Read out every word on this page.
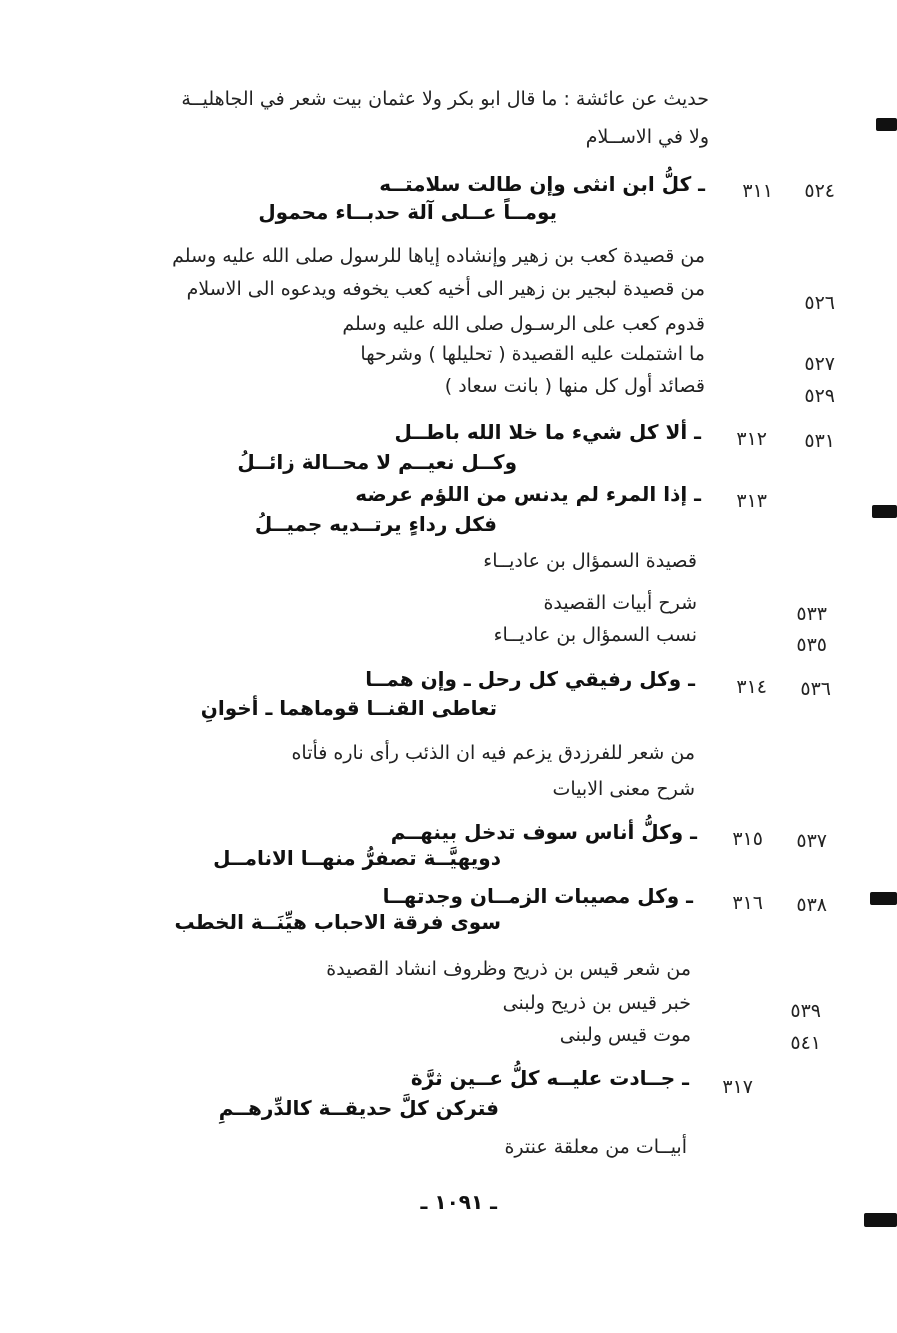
حديث عن عائشة : ما قال ابو بكر ولا عثمان بيت شعر في الجاهليــة
ولا في الاســلام
٥٢٤
٣١١
ـ كلُّ ابن انثى وإن طالت سلامتــه
يومــاً عــلى آلة حدبــاء محمول
من قصيدة كعب بن زهير وإنشاده إياها للرسول صلى الله عليه وسلم
٥٢٦
من قصيدة لبجير بن زهير الى أخيه كعب يخوفه ويدعوه الى الاسلام
قدوم كعب على الرسـول صلى الله عليه وسلم
٥٢٧
ما اشتملت عليه القصيدة ( تحليلها ) وشرحها
٥٢٩
قصائد أول كل منها ( بانت سعاد )
٥٣١
٣١٢
ـ ألا كل شيء ما خلا الله باطــل
وكــل نعيــم لا محــالة زائــلُ
٣١٣
ـ إذا المرء لم يدنس من اللؤم عرضه
فكل رداءٍ يرتــديه جميــلُ
قصيدة السمؤال بن عاديــاء
٥٣٣
شرح أبيات القصيدة
٥٣٥
نسب السمؤال بن عاديــاء
٥٣٦
٣١٤
ـ وكل رفيقي كل رحل ـ وإن همــا
تعاطى القنــا قوماهما ـ أخوانِ
من شعر للفرزدق يزعم فيه ان الذئب رأى ناره فأتاه
شرح معنى الابيات
٥٣٧
٣١٥
ـ وكلُّ أناس سوف تدخل بينهــم
دويهيَّــة تصفرُّ منهــا الانامــل
٥٣٨
٣١٦
ـ وكل مصيبات الزمــان وجدتهــا
سوى فرقة الاحباب هيِّنَــة الخطب
من شعر قيس بن ذريح وظروف انشاد القصيدة
٥٣٩
خبر قيس بن ذريح ولبنى
٥٤١
موت قيس ولبنى
٣١٧
ـ جــادت عليــه كلُّ عــين ثرَّة
فتركن كلَّ حديقــة كالدِّرهــمِ
أبيــات من معلقة عنترة
ـ ١٠٩١ ـ
